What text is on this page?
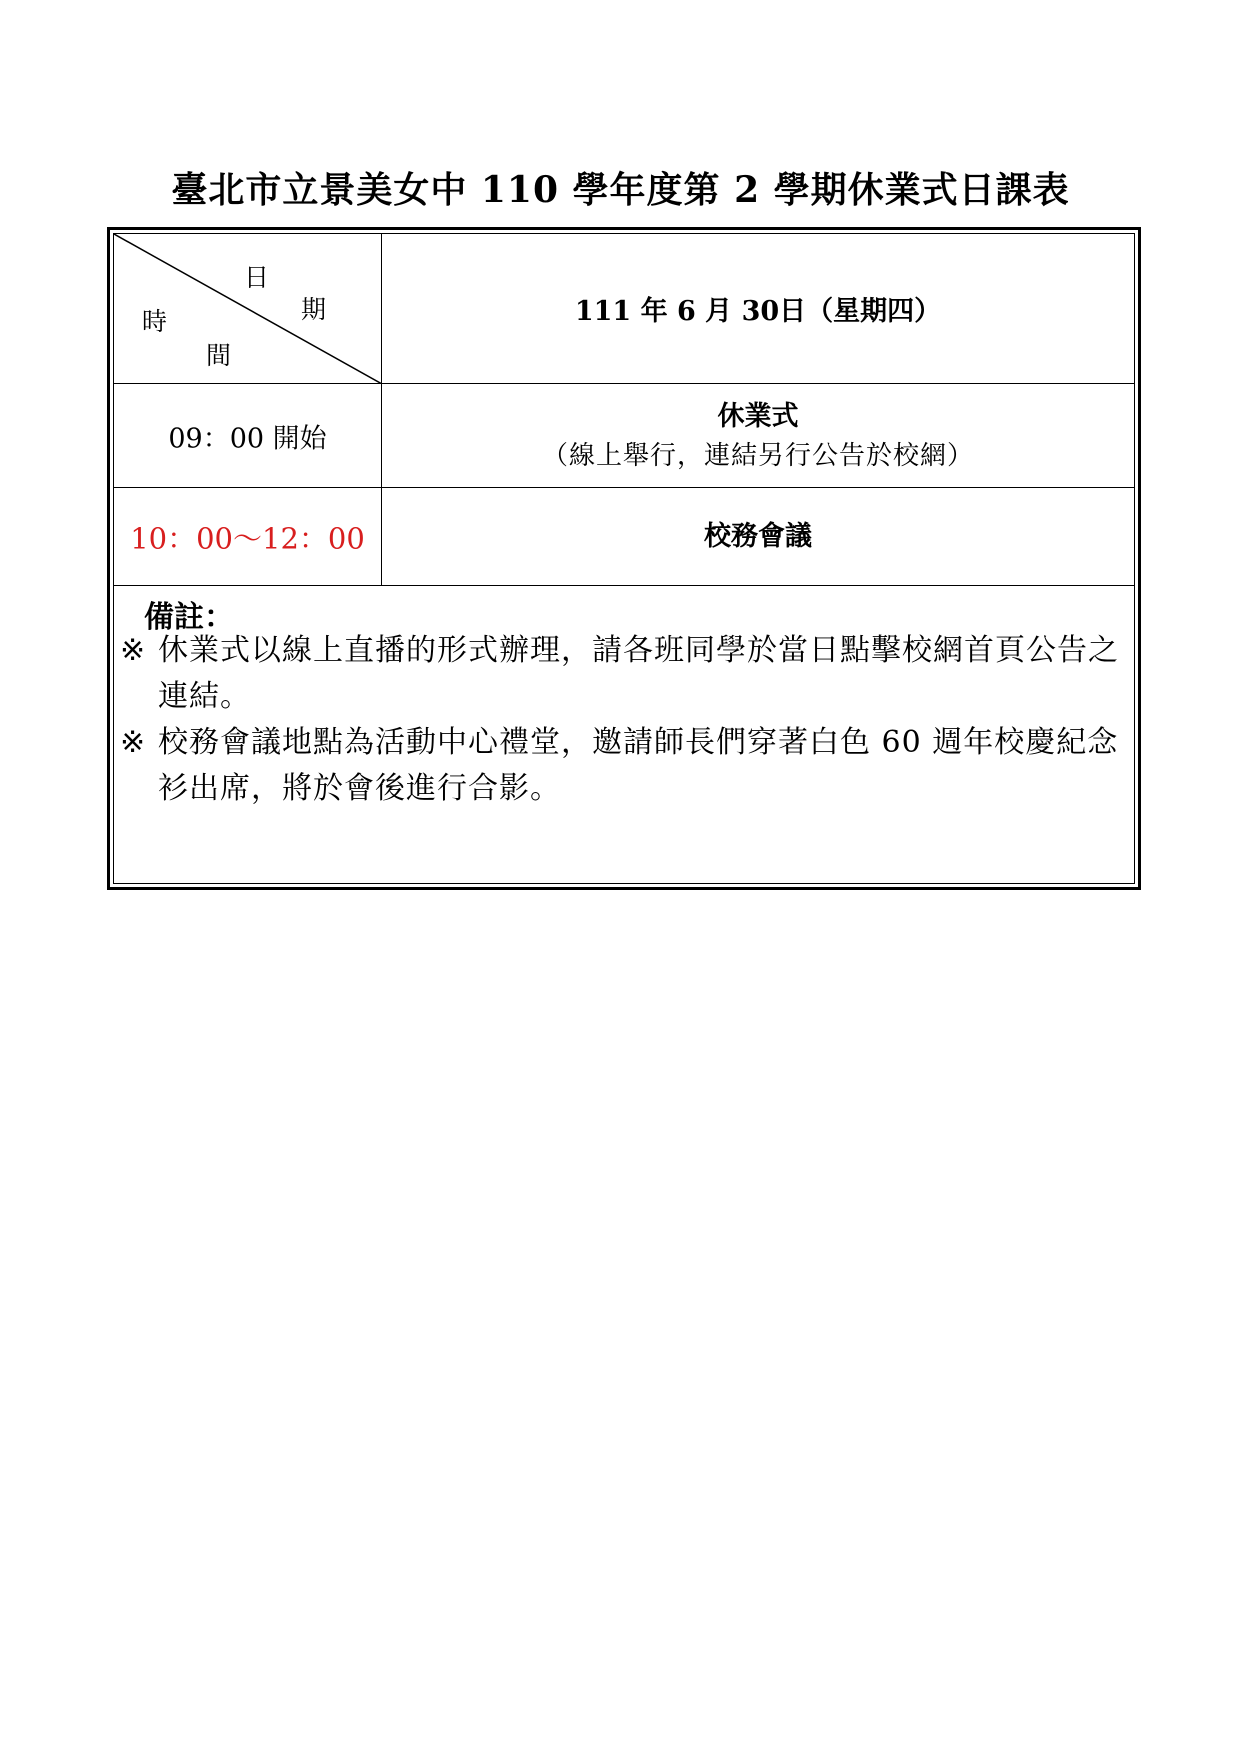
臺北市立景美女中 110 學年度第 2 學期休業式日課表
日
期
時
間
111 年 6 月 30日（星期四）
09：00 開始
休業式
（線上舉行，連結另行公告於校網）
10：00～12：00	校務會議
備註：
※ 休業式以線上直播的形式辦理，請各班同學於當日點擊校網首頁公告之連結。
※ 校務會議地點為活動中心禮堂，邀請師長們穿著白色 60 週年校慶紀念衫出席，將於會後進行合影。
